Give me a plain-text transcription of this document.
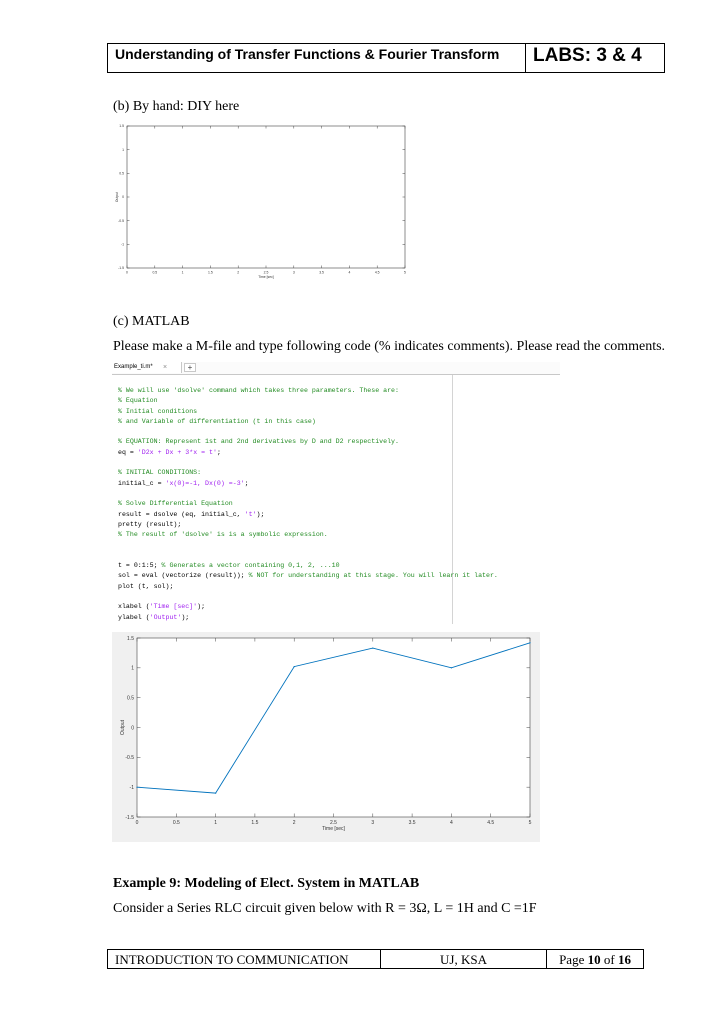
Understanding of Transfer Functions & Fourier Transform	LABS: 3 & 4
(b) By hand: DIY here
0	0.5	1	1.5	2	2.5	3	3.5	4	4.5	5
1.5
1
0.5
0
-0.5
-1
-1.5
Time [sec]
Output
(c) MATLAB
Please make a M-file and type following code (% indicates comments). Please read the comments.
Example_ti.m* ×	+
% We will use 'dsolve' command which takes three parameters. These are:
% Equation
% Initial conditions
% and Variable of differentiation (t in this case)
% EQUATION: Represent 1st and 2nd derivatives by D and D2 respectively.
eq = 'D2x + Dx + 3*x = t';
% INITIAL CONDITIONS:
initial_c = 'x(0)=-1, Dx(0) =-3';
% Solve Differential Equation
result = dsolve (eq, initial_c, 't');
pretty (result);
% The result of 'dsolve' is is a symbolic expression.
t = 0:1:5; % Generates a vector containing 0,1, 2, ...10
sol = eval (vectorize (result)); % NOT for understanding at this stage. You will learn it later.
plot (t, sol);
xlabel ('Time [sec]');
ylabel ('Output');
0	0.5	1	1.5	2	2.5	3	3.5	4	4.5	5
1.5
1
0.5
0
-0.5
-1
-1.5
Time [sec]
Output
Example 9: Modeling of Elect. System in MATLAB
Consider a Series RLC circuit given below with R = 3Ω, L = 1H and C =1F
INTRODUCTION TO COMMUNICATION	UJ, KSA	Page 10 of 16
